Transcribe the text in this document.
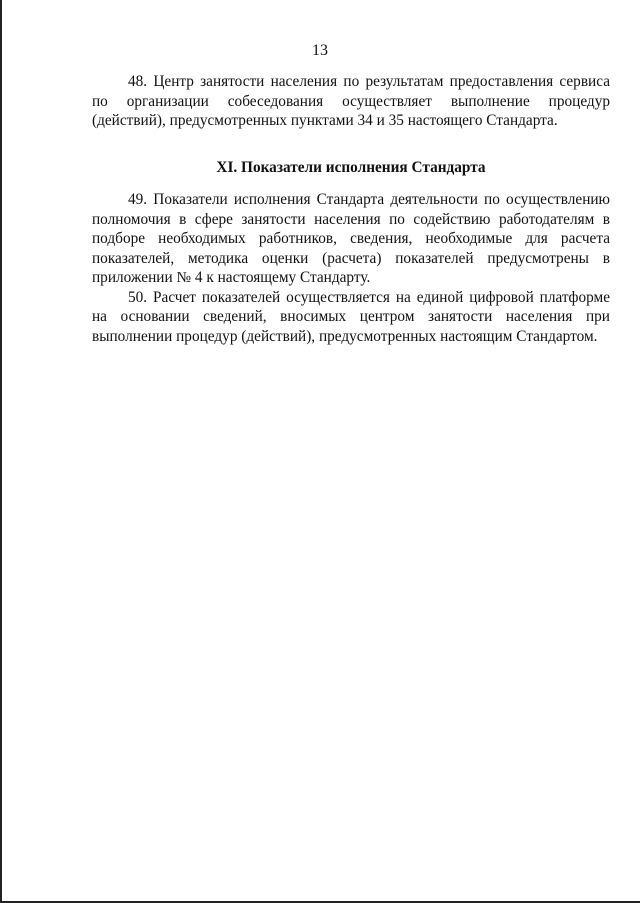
13

48. Центр занятости населения по результатам предоставления сервиса по организации собеседования осуществляет выполнение процедур (действий), предусмотренных пунктами 34 и 35 настоящего Стандарта.

XI. Показатели исполнения Стандарта

49. Показатели исполнения Стандарта деятельности по осуществлению полномочия в сфере занятости населения по содействию работодателям в подборе необходимых работников, сведения, необходимые для расчета показателей, методика оценки (расчета) показателей предусмотрены в приложении № 4 к настоящему Стандарту.

50. Расчет показателей осуществляется на единой цифровой платформе на основании сведений, вносимых центром занятости населения при выполнении процедур (действий), предусмотренных настоящим Стандартом.
